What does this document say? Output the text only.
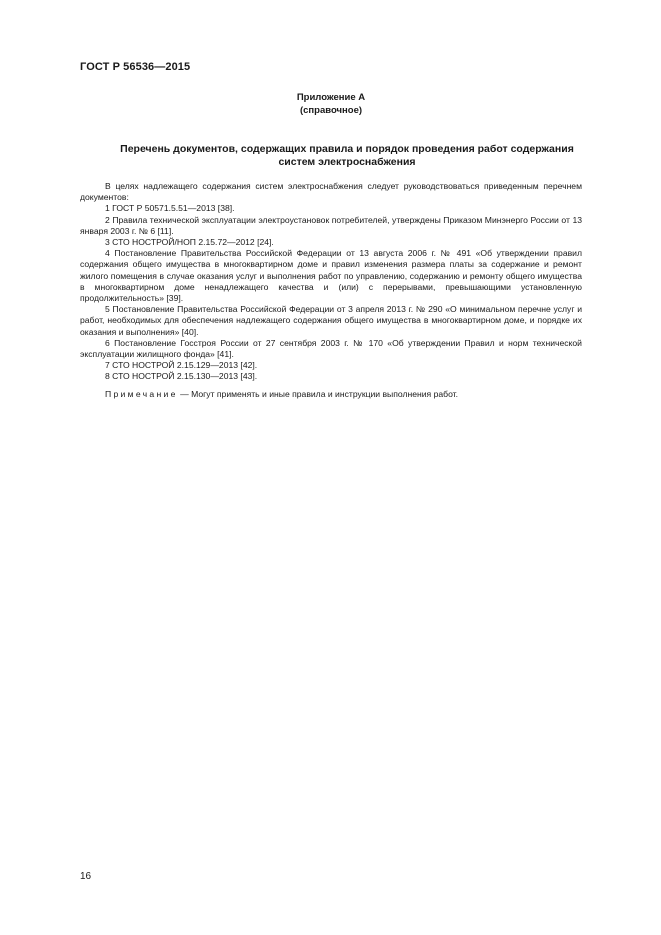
ГОСТ Р 56536—2015
Приложение А
(справочное)
Перечень документов, содержащих правила и порядок проведения работ содержания
систем электроснабжения

В целях надлежащего содержания систем электроснабжения следует руководствоваться приведенным перечнем документов:

1 ГОСТ Р 50571.5.51—2013 [38].

2 Правила технической эксплуатации электроустановок потребителей, утверждены Приказом Минэнерго России от 13 января 2003 г. № 6 [11].

3 СТО НОСТРОЙ/НОП 2.15.72—2012 [24].

4 Постановление Правительства Российской Федерации от 13 августа 2006 г. № 491 «Об утверждении правил содержания общего имущества в многоквартирном доме и правил изменения размера платы за содержание и ремонт жилого помещения в случае оказания услуг и выполнения работ по управлению, содержанию и ремонту общего имущества в многоквартирном доме ненадлежащего качества и (или) с перерывами, превышающими установленную продолжительность» [39].

5 Постановление Правительства Российской Федерации от 3 апреля 2013 г. № 290 «О минимальном перечне услуг и работ, необходимых для обеспечения надлежащего содержания общего имущества в многоквартирном доме, и порядке их оказания и выполнения» [40].

6 Постановление Госстроя России от 27 сентября 2003 г. № 170 «Об утверждении Правил и норм технической эксплуатации жилищного фонда» [41].

7 СТО НОСТРОЙ 2.15.129—2013 [42].

8 СТО НОСТРОЙ 2.15.130—2013 [43].

Примечание — Могут применять и иные правила и инструкции выполнения работ.

16
